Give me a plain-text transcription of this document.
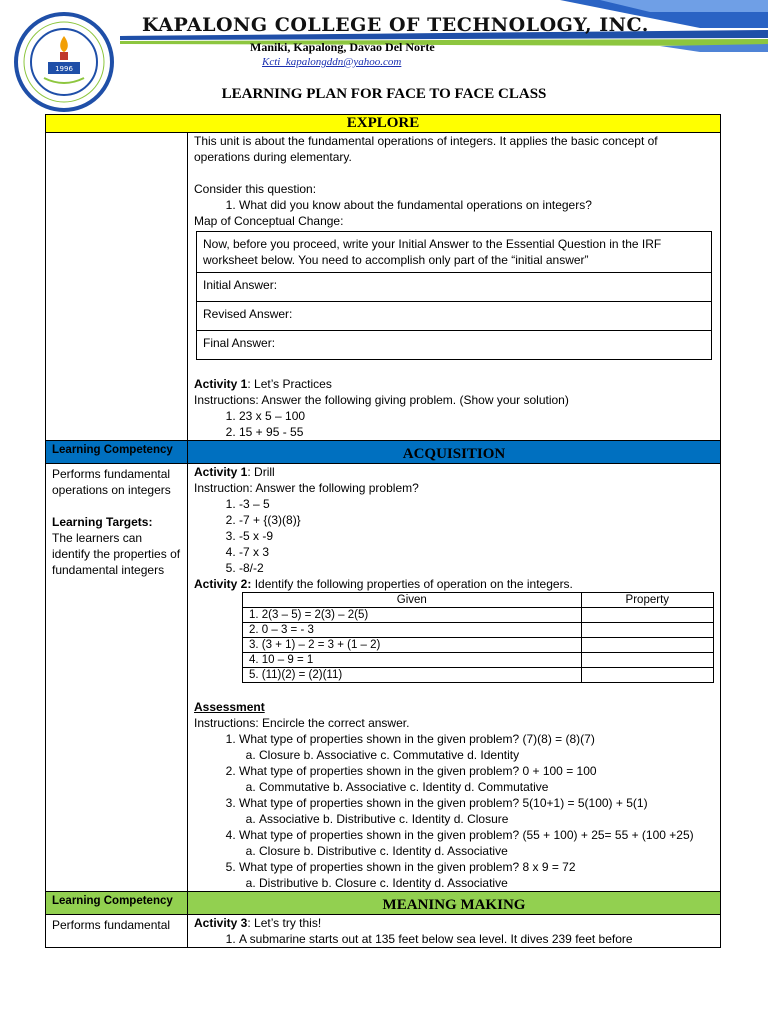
1996
KAPALONG COLLEGE OF TECHNOLOGY, INC.
Maniki, Kapalong, Davao Del Norte
Kcti_kapalongddn@yahoo.com
LEARNING PLAN FOR FACE TO FACE CLASS
EXPLORE

This unit is about the fundamental operations of integers. It applies the basic concept of operations during elementary.

Consider this question:

1. What did you know about the fundamental operations on integers?

Map of Conceptual Change:

Now, before you proceed, write your Initial Answer to the Essential Question in the IRF worksheet below. You need to accomplish only part of the “initial answer”
Initial Answer:
Revised Answer:
Final Answer:

Activity 1: Let’s Practices

Instructions: Answer the following giving problem. (Show your solution)

1. 23 x 5 – 100
2. 15 + 95 - 55

Learning Competency	ACQUISITION

Performs fundamental operations on integers

Learning Targets:

The learners can identify the properties of fundamental integers

Activity 1: Drill

Instruction: Answer the following problem?

1. -3 – 5
2. -7 + {(3)(8)}
3. -5 x -9
4. -7 x 3
5. -8/-2

Activity 2: Identify the following properties of operation on the integers.

Given	Property
1. 2(3 – 5) = 2(3) – 2(5)	
2. 0 – 3 = - 3	
3. (3 + 1) – 2 = 3 + (1 – 2)	
4. 10 – 9 = 1	
5. (11)(2) = (2)(11)	

Assessment

Instructions: Encircle the correct answer.

1. What type of properties shown in the given problem? (7)(8) = (8)(7)
a. Closure b. Associative c. Commutative d. Identity
2. What type of properties shown in the given problem? 0 + 100 = 100
a. Commutative b. Associative c. Identity d. Commutative
3. What type of properties shown in the given problem? 5(10+1) = 5(100) + 5(1)
a. Associative b. Distributive c. Identity d. Closure
4. What type of properties shown in the given problem? (55 + 100) + 25= 55 + (100 +25)
a. Closure b. Distributive c. Identity d. Associative
5. What type of properties shown in the given problem? 8 x 9 = 72
a. Distributive b. Closure c. Identity d. Associative

Learning Competency	MEANING MAKING

Performs fundamental	Activity 3: Let’s try this!

1. A submarine starts out at 135 feet below sea level. It dives 239 feet before
